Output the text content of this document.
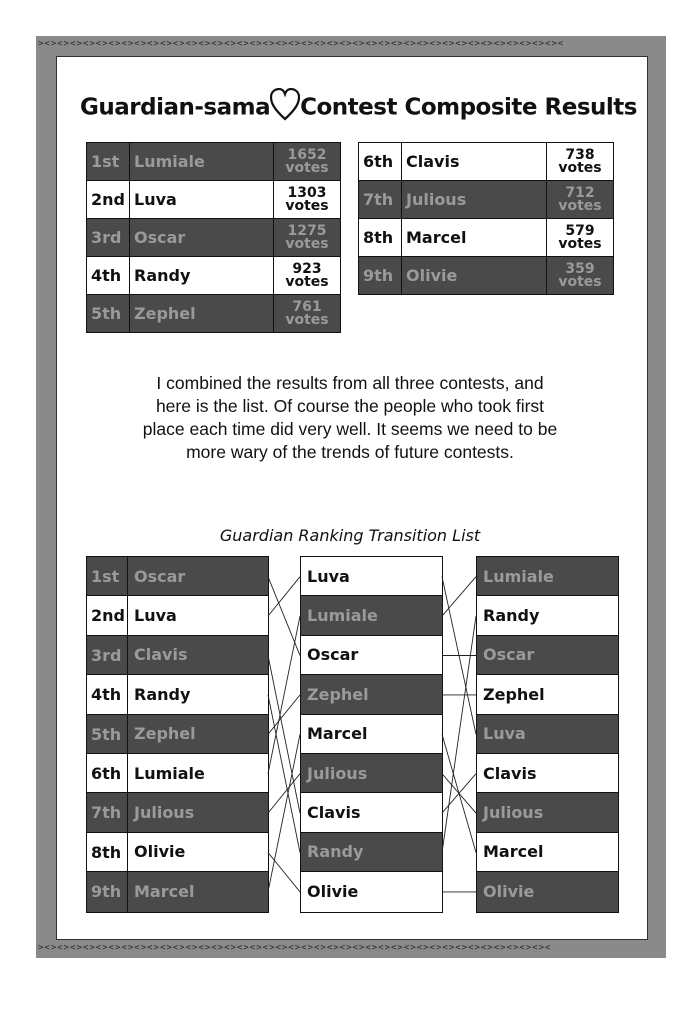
><><><><><><><><><><><><><><><><><><><><><><><><><><><><><><><><><><><><><><><><><
><><><><><><><><><><><><><><><><><><><><><><><><><><><><><><><><><><><><><><><><
Guardian-sama Contest Composite Results
1st	Lumiale	1652
votes

2nd	Luva	1303
votes

3rd	Oscar	1275
votes

4th	Randy	923
votes

5th	Zephel	761
votes
6th	Clavis	738
votes

7th	Julious	712
votes

8th	Marcel	579
votes

9th	Olivie	359
votes
I combined the results from all three contests, and here is the list. Of course the people who took first place each time did very well. It seems we need to be more wary of the trends of future contests.
Guardian Ranking Transition List
1st Oscar
2nd Luva
3rd Clavis
4th Randy
5th Zephel
6th Lumiale
7th Julious
8th Olivie
9th Marcel
Luva
Lumiale
Oscar
Zephel
Marcel
Julious
Clavis
Randy
Olivie
Lumiale
Randy
Oscar
Zephel
Luva
Clavis
Julious
Marcel
Olivie
